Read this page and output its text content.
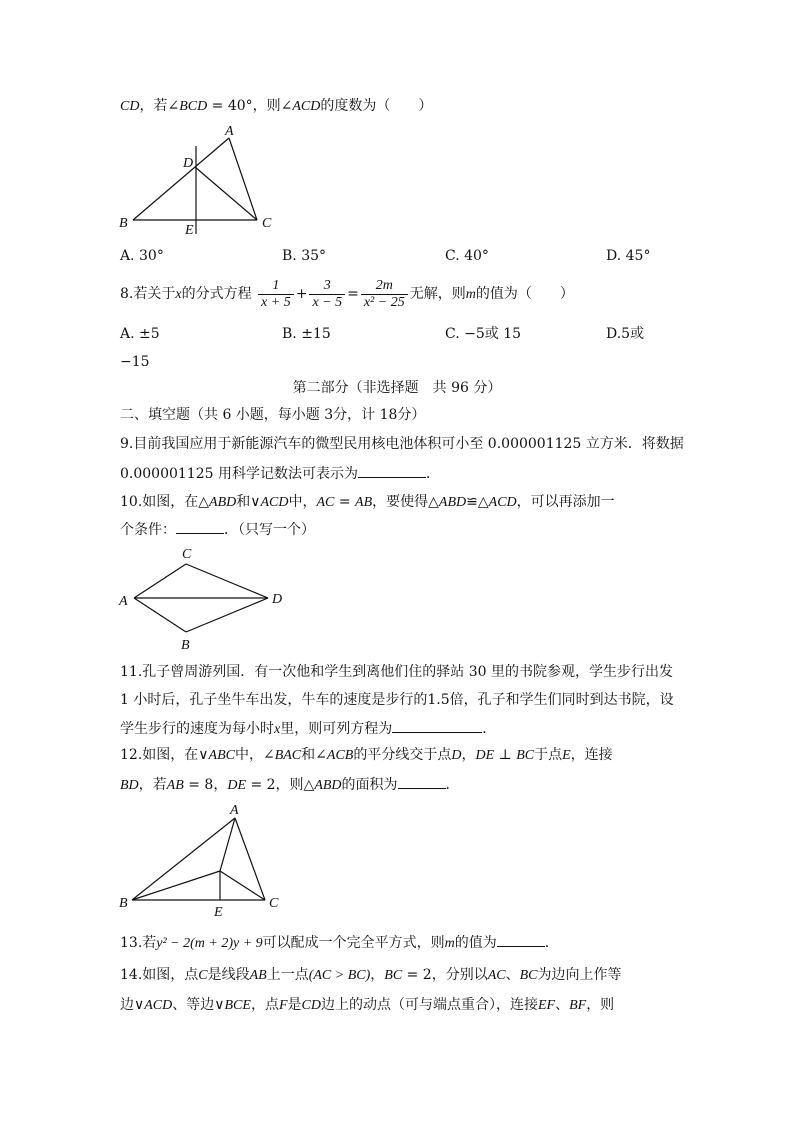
CD，若∠BCD = 40°，则∠ACD的度数为（　　）
A
D
B	C
E
A. 30°	B. 35°	C. 40°	D. 45°
8.若关于x的分式方程 $\frac{1}{x + 5} + \frac{3}{x - 5} = \frac{2m}{\text{x² − 25}}$ 无解，则m的值为（　　）
A. ±5	B. ±15	C. −5或 15	D.5或
−15
第二部分（非选择题　共 96 分）
二、填空题（共 6 小题，每小题 3分，计 18分）
9.目前我国应用于新能源汽车的微型民用核电池体积可小至 0.000001125 立方米．将数据
0.000001125 用科学记数法可表示为	．
10.如图，在△ABD和∨ACD中，AC = AB，要使得△ABD≌△ACD，可以再添加一
个条件：	．（只写一个）
C
A	D
B
11.孔子曾周游列国．有一次他和学生到离他们住的驿站 30 里的书院参观，学生步行出发
1 小时后，孔子坐牛车出发，牛车的速度是步行的1.5倍，孔子和学生们同时到达书院，设
学生步行的速度为每小时x里，则可列方程为	．
12.如图，在∨ABC中，∠BAC和∠ACB的平分线交于点D，DE ⊥ BC于点E，连接
BD，若AB = 8，DE = 2，则△ABD的面积为	．
A
B	C
E
13.若y² − 2(m + 2)y + 9可以配成一个完全平方式，则m的值为	．
14.如图，点C是线段AB上一点(AC > BC)，BC = 2，分别以AC、BC为边向上作等
边∨ACD、等边∨BCE，点F是CD边上的动点（可与端点重合），连接EF、BF，则
